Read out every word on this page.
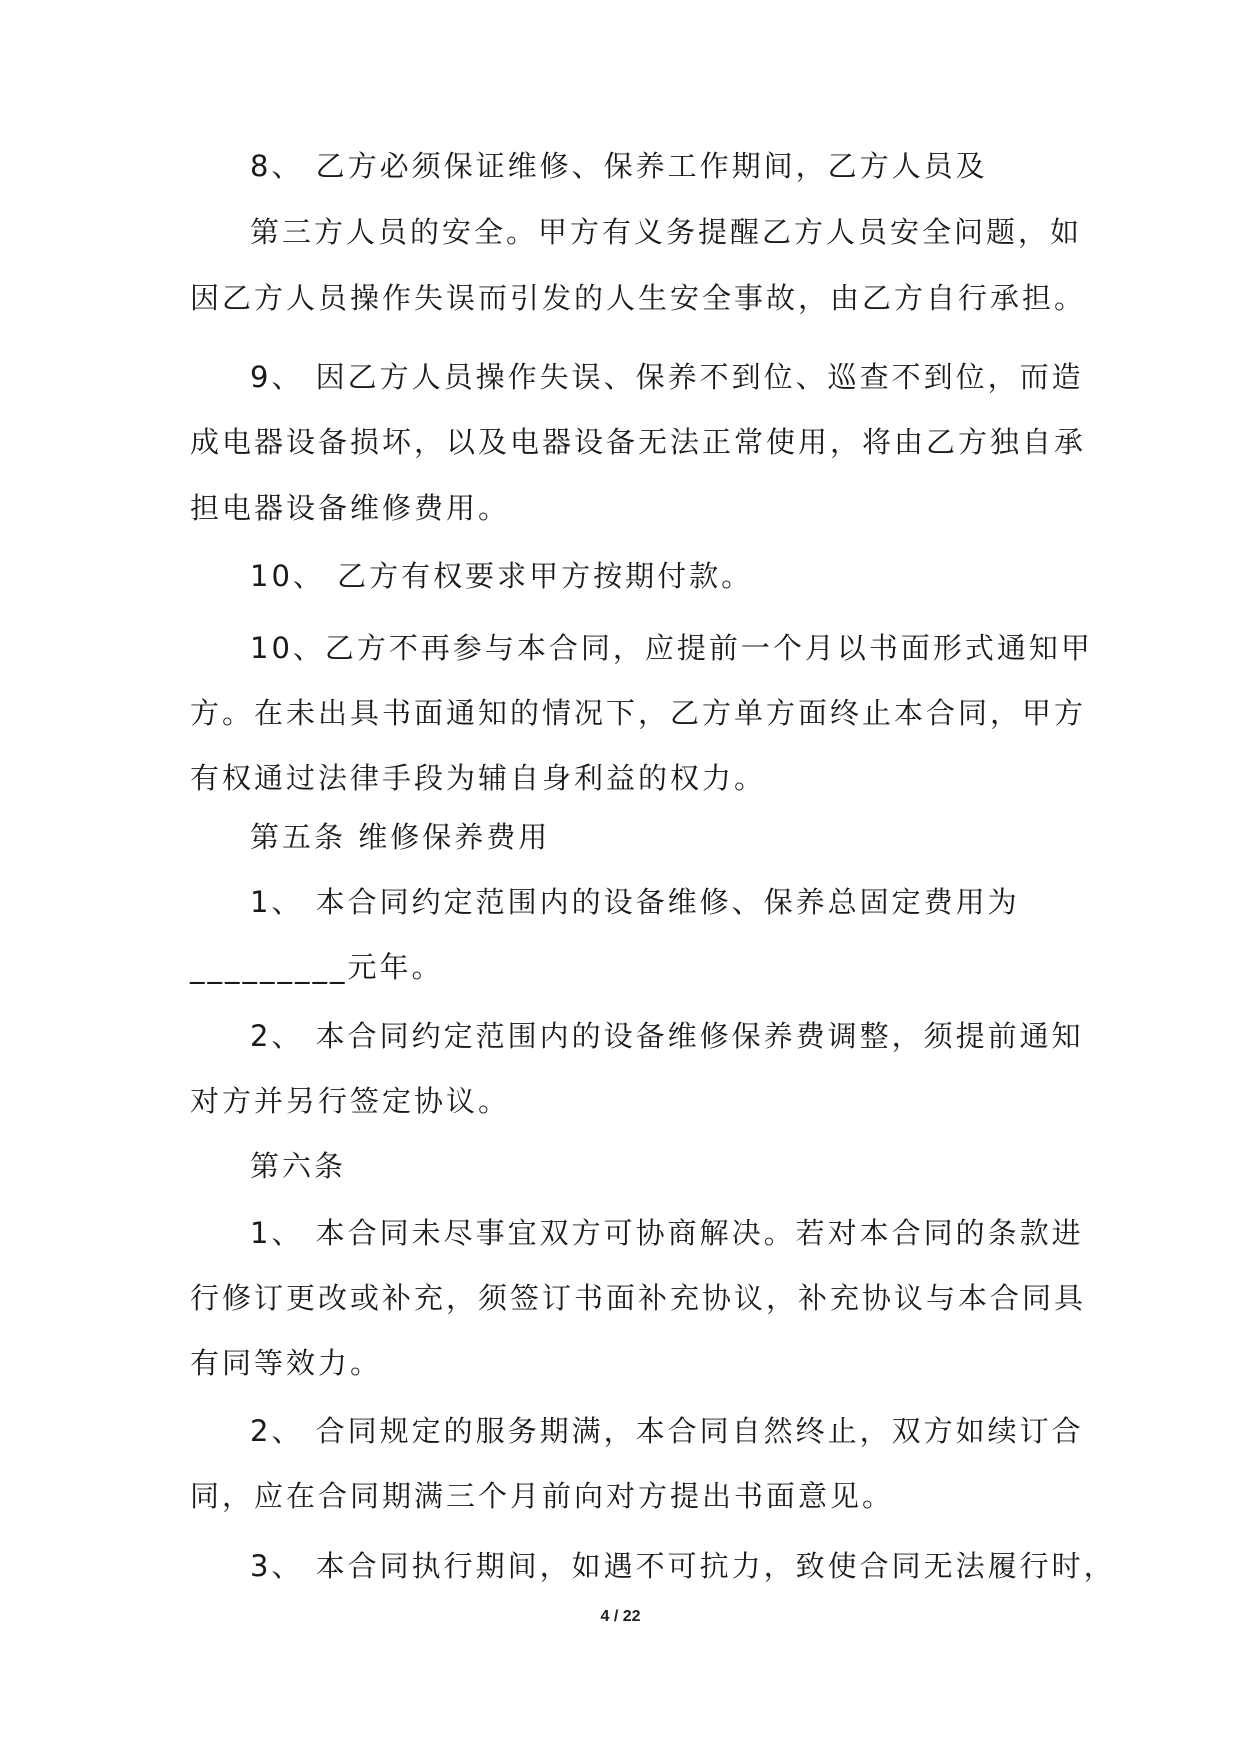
8、 乙方必须保证维修、保养工作期间，乙方人员及
第三方人员的安全。甲方有义务提醒乙方人员安全问题，如
因乙方人员操作失误而引发的人生安全事故，由乙方自行承担。
9、 因乙方人员操作失误、保养不到位、巡查不到位，而造
成电器设备损坏，以及电器设备无法正常使用，将由乙方独自承
担电器设备维修费用。
10、 乙方有权要求甲方按期付款。
10、乙方不再参与本合同，应提前一个月以书面形式通知甲
方。在未出具书面通知的情况下，乙方单方面终止本合同，甲方
有权通过法律手段为辅自身利益的权力。
第五条 维修保养费用
1、 本合同约定范围内的设备维修、保养总固定费用为
_________元年。
2、 本合同约定范围内的设备维修保养费调整，须提前通知
对方并另行签定协议。
第六条
1、 本合同未尽事宜双方可协商解决。若对本合同的条款进
行修订更改或补充，须签订书面补充协议，补充协议与本合同具
有同等效力。
2、 合同规定的服务期满，本合同自然终止，双方如续订合
同，应在合同期满三个月前向对方提出书面意见。
3、 本合同执行期间，如遇不可抗力，致使合同无法履行时，
4 / 22
